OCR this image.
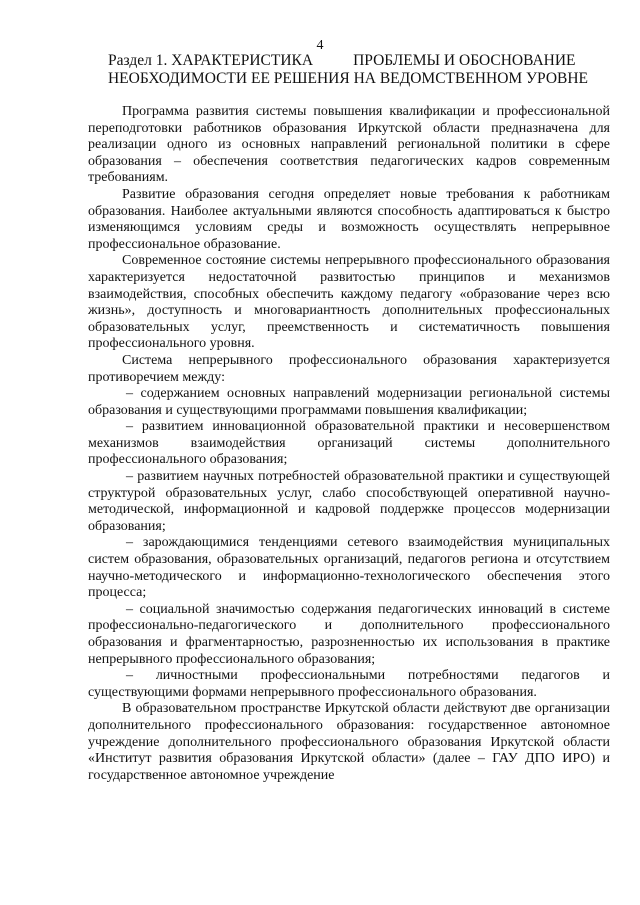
4
Раздел 1. ХАРАКТЕРИСТИКА	ПРОБЛЕМЫ И ОБОСНОВАНИЕ
НЕОБХОДИМОСТИ ЕЕ РЕШЕНИЯ НА ВЕДОМСТВЕННОМ УРОВНЕ

Программа развития системы повышения квалификации и профессиональной переподготовки работников образования Иркутской области предназначена для реализации одного из основных направлений региональной политики в сфере образования – обеспечения соответствия педагогических кадров современным требованиям.

Развитие образования сегодня определяет новые требования к работникам образования. Наиболее актуальными являются способность адаптироваться к быстро изменяющимся условиям среды и возможность осуществлять непрерывное профессиональное образование.

Современное состояние системы непрерывного профессионального образования характеризуется недостаточной развитостью принципов и механизмов взаимодействия, способных обеспечить каждому педагогу «образование через всю жизнь», доступность и многовариантность дополнительных профессиональных образовательных услуг, преемственность и систематичность повышения профессионального уровня.

Система непрерывного профессионального образования характеризуется противоречием между:

– содержанием основных направлений модернизации региональной системы образования и существующими программами повышения квалификации;

– развитием инновационной образовательной практики и несовершенством механизмов взаимодействия организаций системы дополнительного профессионального образования;

– развитием научных потребностей образовательной практики и существующей структурой образовательных услуг, слабо способствующей оперативной научно-методической, информационной и кадровой поддержке процессов модернизации образования;

– зарождающимися тенденциями сетевого взаимодействия муниципальных систем образования, образовательных организаций, педагогов региона и отсутствием научно-методического и информационно-технологического обеспечения этого процесса;

– социальной значимостью содержания педагогических инноваций в системе профессионально-педагогического и дополнительного профессионального образования и фрагментарностью, разрозненностью их использования в практике непрерывного профессионального образования;

– личностными профессиональными потребностями педагогов и существующими формами непрерывного профессионального образования.

В образовательном пространстве Иркутской области действуют две организации дополнительного профессионального образования: государственное автономное учреждение дополнительного профессионального образования Иркутской области «Институт развития образования Иркутской области» (далее – ГАУ ДПО ИРО) и государственное автономное учреждение
